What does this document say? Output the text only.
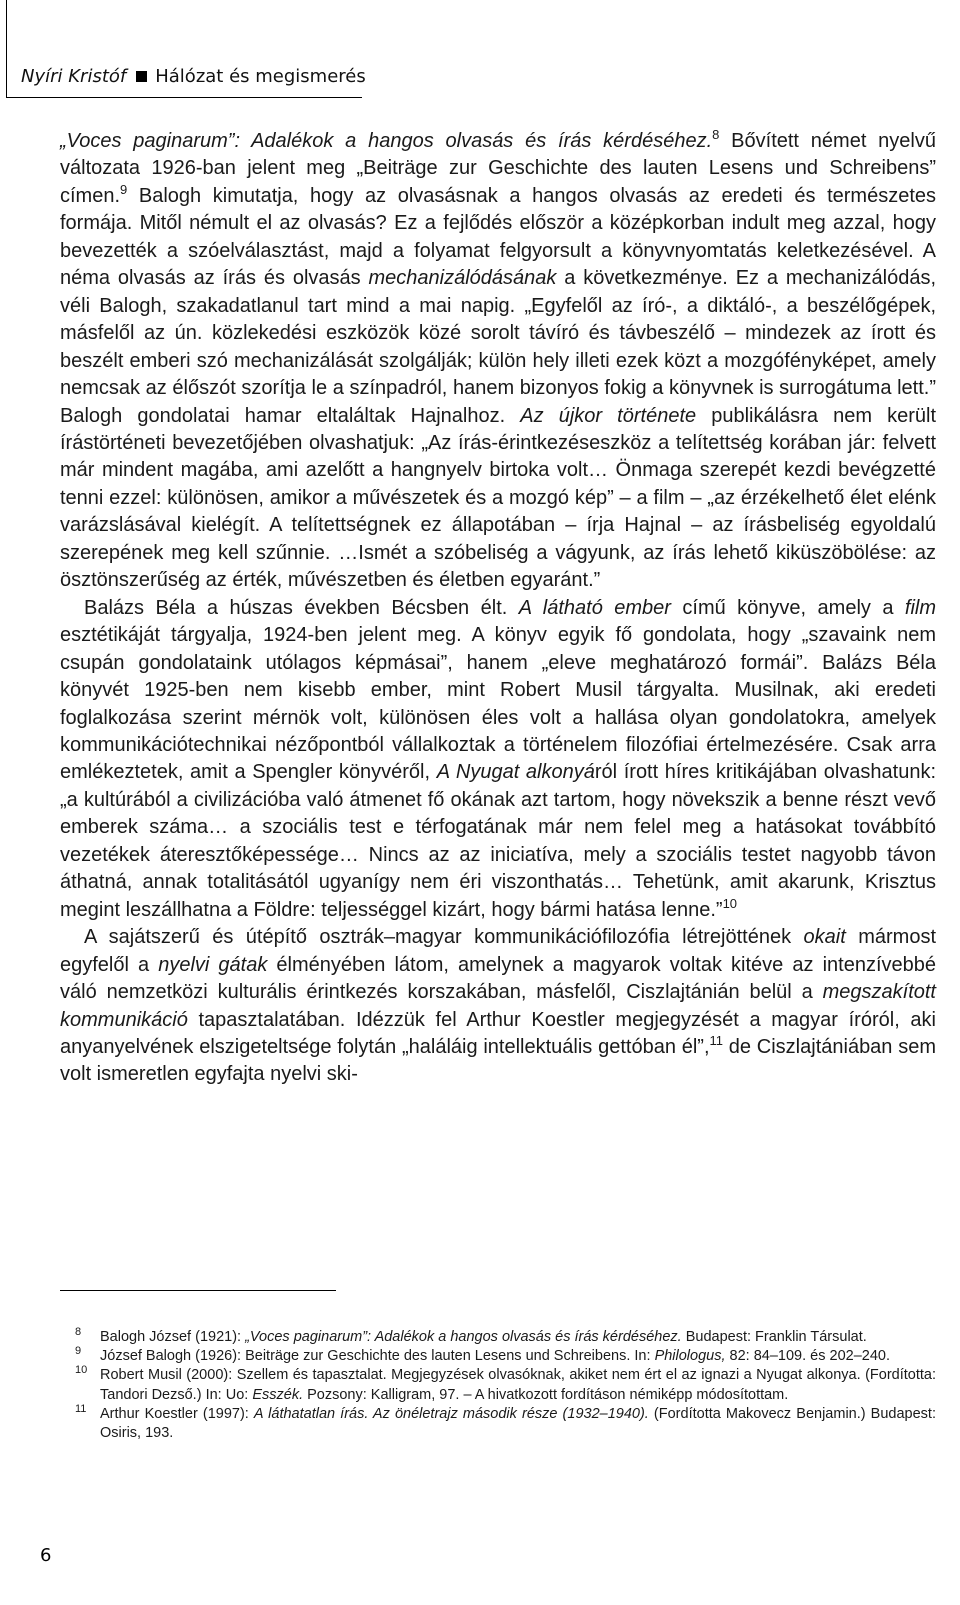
Nyíri Kristóf Hálózat és megismerés

„Voces paginarum”: Adalékok a hangos olvasás és írás kérdéséhez.$^8$ Bővített német nyelvű változata 1926-ban jelent meg „Beiträge zur Geschichte des lauten Lesens und Schreibens” címen.$^9$ Balogh kimutatja, hogy az olvasásnak a hangos olvasás az eredeti és természetes formája. Mitől némult el az olvasás? Ez a fejlődés először a középkorban indult meg azzal, hogy bevezették a szóelválasztást, majd a folyamat felgyorsult a könyvnyomtatás keletkezésével. A néma olvasás az írás és olvasás mechanizálódásának a következménye. Ez a mechanizálódás, véli Balogh, szakadatlanul tart mind a mai napig. „Egyfelől az író-, a diktáló-, a beszélőgépek, másfelől az ún. közlekedési eszközök közé sorolt távíró és távbeszélő – mindezek az írott és beszélt emberi szó mechanizálását szolgálják; külön hely illeti ezek közt a mozgófényképet, amely nemcsak az élőszót szorítja le a színpadról, hanem bizonyos fokig a könyvnek is surrogátuma lett.” Balogh gondolatai hamar eltaláltak Hajnalhoz. Az újkor története publikálásra nem került írástörténeti bevezetőjében olvashatjuk: „Az írás-érintkezéseszköz a telítettség korában jár: felvett már mindent magába, ami azelőtt a hangnyelv birtoka volt… Önmaga szerepét kezdi bevégzetté tenni ezzel: különösen, amikor a művészetek és a mozgó kép” – a film – „az érzékelhető élet elénk varázslásával kielégít. A telítettségnek ez állapotában – írja Hajnal – az írásbeliség egyoldalú szerepének meg kell szűnnie. …Ismét a szóbeliség a vágyunk, az írás lehető kiküszöbölése: az ösztönszerűség az érték, művészetben és életben egyaránt.”

Balázs Béla a húszas években Bécsben élt. A látható ember című könyve, amely a film esztétikáját tárgyalja, 1924-ben jelent meg. A könyv egyik fő gondolata, hogy „szavaink nem csupán gondolataink utólagos képmásai”, hanem „eleve meghatározó formái”. Balázs Béla könyvét 1925-ben nem kisebb ember, mint Robert Musil tárgyalta. Musilnak, aki eredeti foglalkozása szerint mérnök volt, különösen éles volt a hallása olyan gondolatokra, amelyek kommunikációtechnikai nézőpontból vállalkoztak a történelem filozófiai értelmezésére. Csak arra emlékeztetek, amit a Spengler könyvéről, A Nyugat alkonyáról írott híres kritikájában olvashatunk: „a kultúrából a civilizációba való átmenet fő okának azt tartom, hogy növekszik a benne részt vevő emberek száma… a szociális test e térfogatának már nem felel meg a hatásokat továbbító vezetékek áteresztőképessége… Nincs az az iniciatíva, mely a szociális testet nagyobb távon áthatná, annak totalitásától ugyanígy nem éri viszonthatás… Tehetünk, amit akarunk, Krisztus megint leszállhatna a Földre: teljességgel kizárt, hogy bármi hatása lenne.”$^{10}$

A sajátszerű és útépítő osztrák–magyar kommunikációfilozófia létrejöttének okait mármost egyfelől a nyelvi gátak élményében látom, amelynek a magyarok voltak kitéve az intenzívebbé váló nemzetközi kulturális érintkezés korszakában, másfelől, Ciszlajtánián belül a megszakított kommunikáció tapasztalatában. Idézzük fel Arthur Koestler megjegyzését a magyar íróról, aki anyanyelvének elszigeteltsége folytán „haláláig intellektuális gettóban él”,$^{11}$ de Ciszlajtániában sem volt ismeretlen egyfajta nyelvi ski-

8	Balogh József (1921): „Voces paginarum”: Adalékok a hangos olvasás és írás kérdéséhez. Budapest: Franklin Társulat.
9	József Balogh (1926): Beiträge zur Geschichte des lauten Lesens und Schreibens. In: Philologus, 82: 84–109. és 202–240.
10 Robert Musil (2000): Szellem és tapasztalat. Megjegyzések olvasóknak, akiket nem ért el az ignazi a Nyugat alkonya. (Fordította: Tandori Dezső.) In: Uo: Esszék. Pozsony: Kalligram, 97. – A hivatkozott fordításon némiképp módosítottam.
11 Arthur Koestler (1997): A láthatatlan írás. Az önéletrajz második része (1932–1940). (Fordította Makovecz Benjamin.) Budapest: Osiris, 193.
6
